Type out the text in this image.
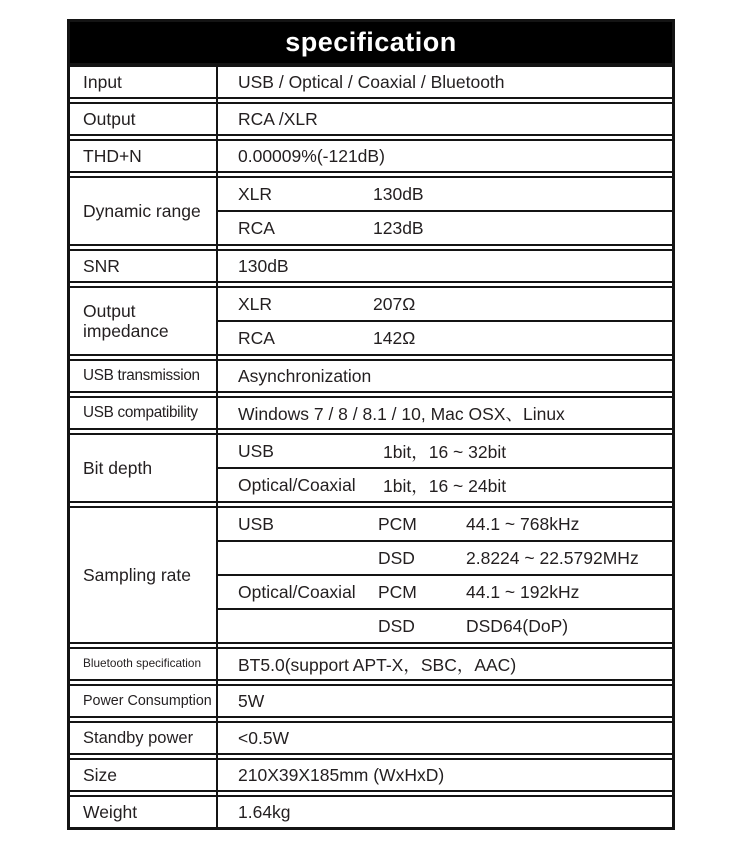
specification
Input	USB / Optical / Coaxial / Bluetooth
Output	RCA /XLR
THD+N	0.00009%(-121dB)
Dynamic range
XLR	130dB
RCA	123dB
SNR	130dB
Output impedance
XLR	207Ω
RCA	142Ω
USB transmission	Asynchronization
USB compatibility	Windows 7 / 8 / 8.1 / 10, Mac OSX、Linux
Bit depth
USB	1bit，16 ~ 32bit
Optical/Coaxial	1bit，16 ~ 24bit
Sampling rate
USB	PCM	44.1 ~ 768kHz
DSD	2.8224 ~ 22.5792MHz
Optical/Coaxial	PCM	44.1 ~ 192kHz
DSD	DSD64(DoP)
Bluetooth specification	BT5.0(support APT-X，SBC，AAC)
Power Consumption	5W
Standby power	<0.5W
Size	210X39X185mm (WxHxD)
Weight	1.64kg
